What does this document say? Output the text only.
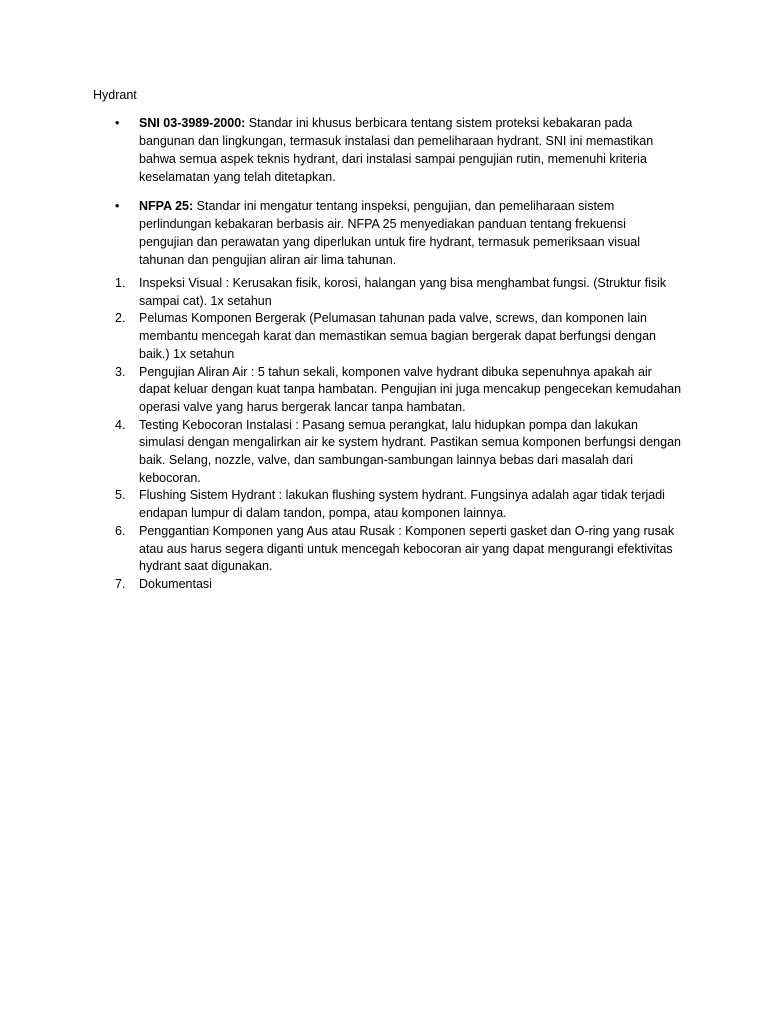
Hydrant
• SNI 03-3989-2000: Standar ini khusus berbicara tentang sistem proteksi kebakaran pada bangunan dan lingkungan, termasuk instalasi dan pemeliharaan hydrant. SNI ini memastikan bahwa semua aspek teknis hydrant, dari instalasi sampai pengujian rutin, memenuhi kriteria keselamatan yang telah ditetapkan.
• NFPA 25: Standar ini mengatur tentang inspeksi, pengujian, dan pemeliharaan sistem perlindungan kebakaran berbasis air. NFPA 25 menyediakan panduan tentang frekuensi pengujian dan perawatan yang diperlukan untuk fire hydrant, termasuk pemeriksaan visual tahunan dan pengujian aliran air lima tahunan.
1. Inspeksi Visual : Kerusakan fisik, korosi, halangan yang bisa menghambat fungsi. (Struktur fisik sampai cat). 1x setahun
2. Pelumas Komponen Bergerak (Pelumasan tahunan pada valve, screws, dan komponen lain membantu mencegah karat dan memastikan semua bagian bergerak dapat berfungsi dengan baik.) 1x setahun
3. Pengujian Aliran Air : 5 tahun sekali, komponen valve hydrant dibuka sepenuhnya apakah air dapat keluar dengan kuat tanpa hambatan. Pengujian ini juga mencakup pengecekan kemudahan operasi valve yang harus bergerak lancar tanpa hambatan.
4. Testing Kebocoran Instalasi : Pasang semua perangkat, lalu hidupkan pompa dan lakukan simulasi dengan mengalirkan air ke system hydrant. Pastikan semua komponen berfungsi dengan baik. Selang, nozzle, valve, dan sambungan-sambungan lainnya bebas dari masalah dari kebocoran.
5. Flushing Sistem Hydrant : lakukan flushing system hydrant. Fungsinya adalah agar tidak terjadi endapan lumpur di dalam tandon, pompa, atau komponen lainnya.
6. Penggantian Komponen yang Aus atau Rusak : Komponen seperti gasket dan O-ring yang rusak atau aus harus segera diganti untuk mencegah kebocoran air yang dapat mengurangi efektivitas hydrant saat digunakan.
7. Dokumentasi
